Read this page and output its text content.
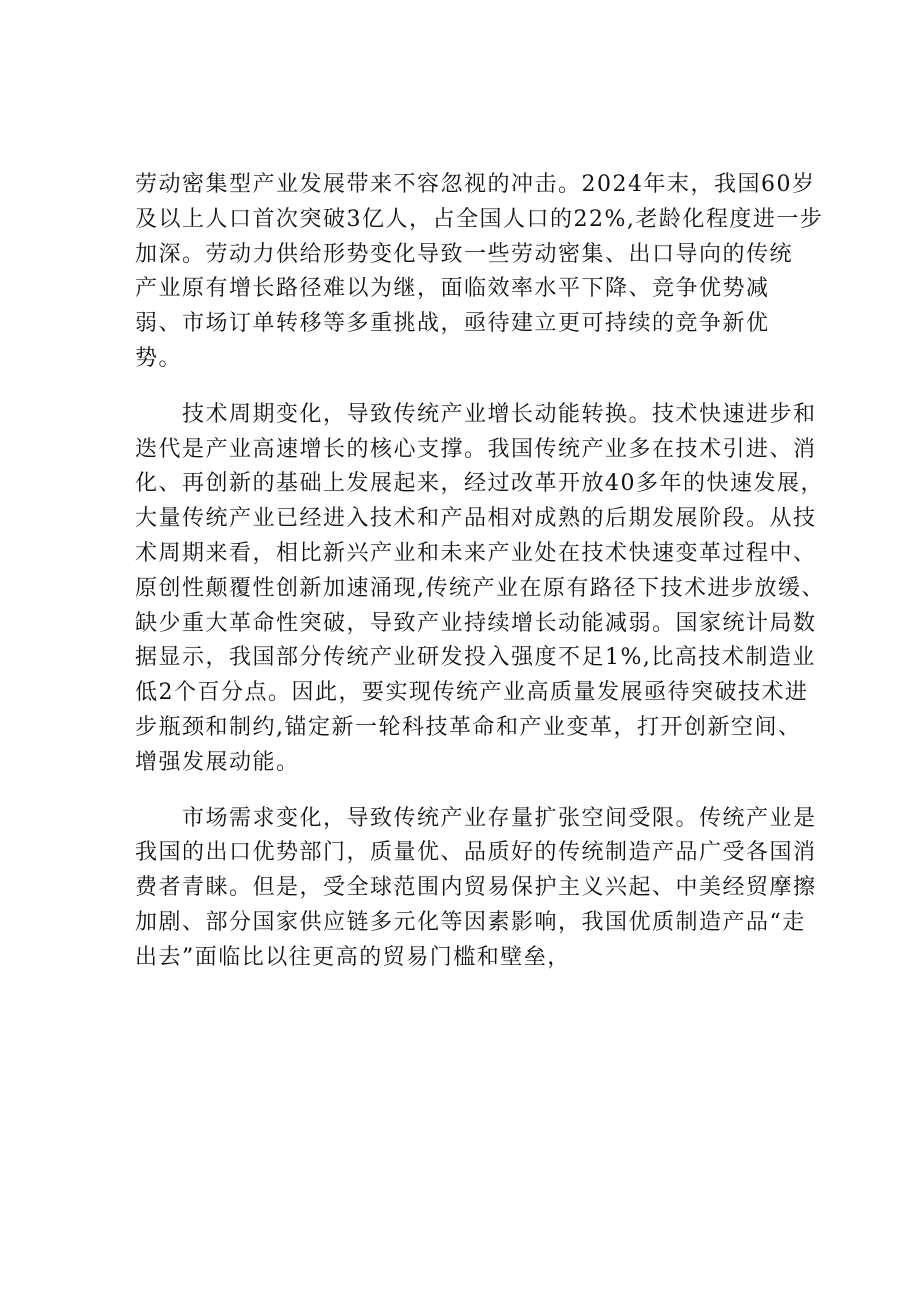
劳动密集型产业发展带来不容忽视的冲击。2024年末，我国60岁
及以上人口首次突破3亿人，占全国人口的22%,老龄化程度进一步
加深。劳动力供给形势变化导致一些劳动密集、出口导向的传统
产业原有增长路径难以为继，面临效率水平下降、竞争优势减
弱、市场订单转移等多重挑战，亟待建立更可持续的竞争新优
势。

　　技术周期变化，导致传统产业增长动能转换。技术快速进步和
迭代是产业高速增长的核心支撑。我国传统产业多在技术引进、消
化、再创新的基础上发展起来，经过改革开放40多年的快速发展，
大量传统产业已经进入技术和产品相对成熟的后期发展阶段。从技
术周期来看，相比新兴产业和未来产业处在技术快速变革过程中、
原创性颠覆性创新加速涌现,传统产业在原有路径下技术进步放缓、
缺少重大革命性突破，导致产业持续增长动能减弱。国家统计局数
据显示，我国部分传统产业研发投入强度不足1%,比高技术制造业
低2个百分点。因此，要实现传统产业高质量发展亟待突破技术进
步瓶颈和制约,锚定新一轮科技革命和产业变革，打开创新空间、
增强发展动能。

　　市场需求变化，导致传统产业存量扩张空间受限。传统产业是
我国的出口优势部门，质量优、品质好的传统制造产品广受各国消
费者青睐。但是，受全球范围内贸易保护主义兴起、中美经贸摩擦
加剧、部分国家供应链多元化等因素影响，我国优质制造产品“走
出去”面临比以往更高的贸易门槛和壁垒，
